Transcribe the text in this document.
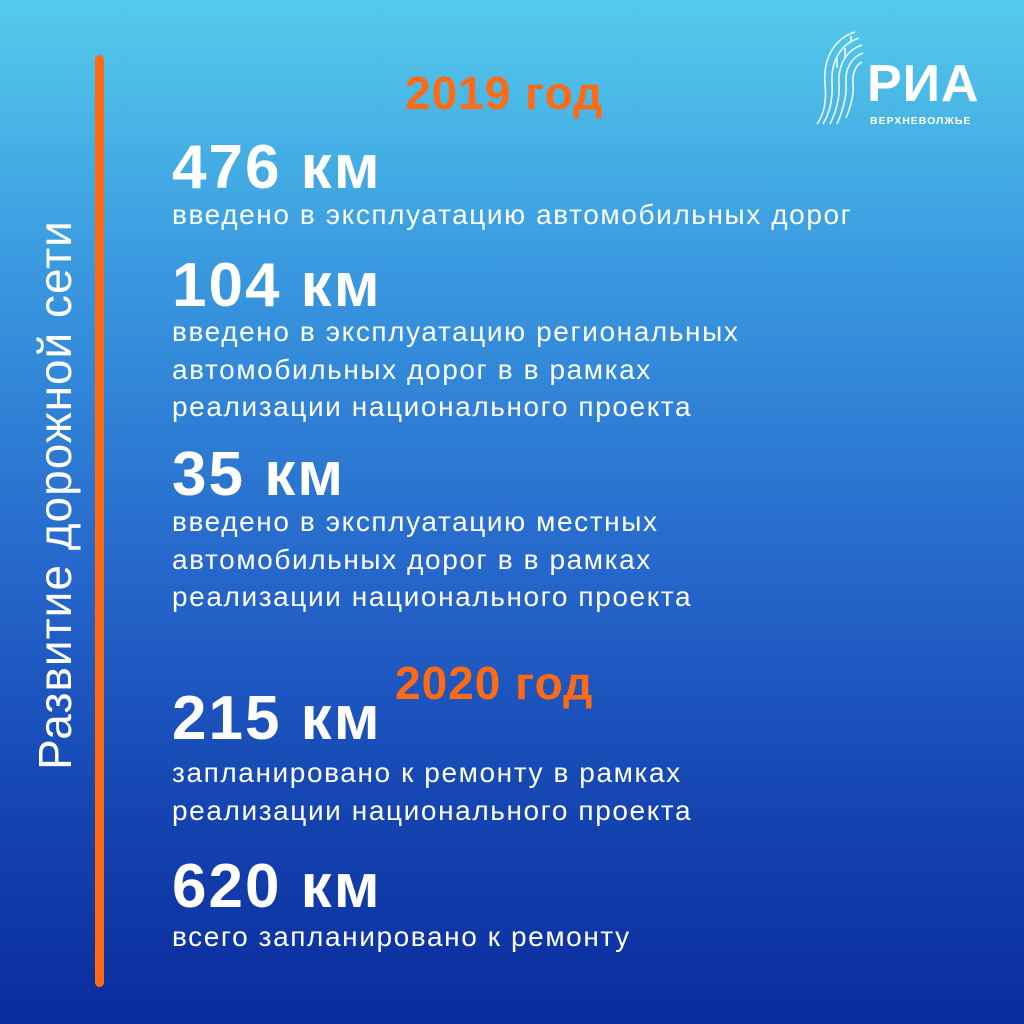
Развитие дорожной сети
РИА
ВЕРХНЕВОЛЖЬЕ
2019 год
476 км
введено в эксплуатацию автомобильных дорог
104 км
введено в эксплуатацию региональных
автомобильных дорог в в рамках
реализации национального проекта
35 км
введено в эксплуатацию местных
автомобильных дорог в в рамках
реализации национального проекта
2020 год
215 км
запланировано к ремонту в рамках
реализации национального проекта
620 км
всего запланировано к ремонту
